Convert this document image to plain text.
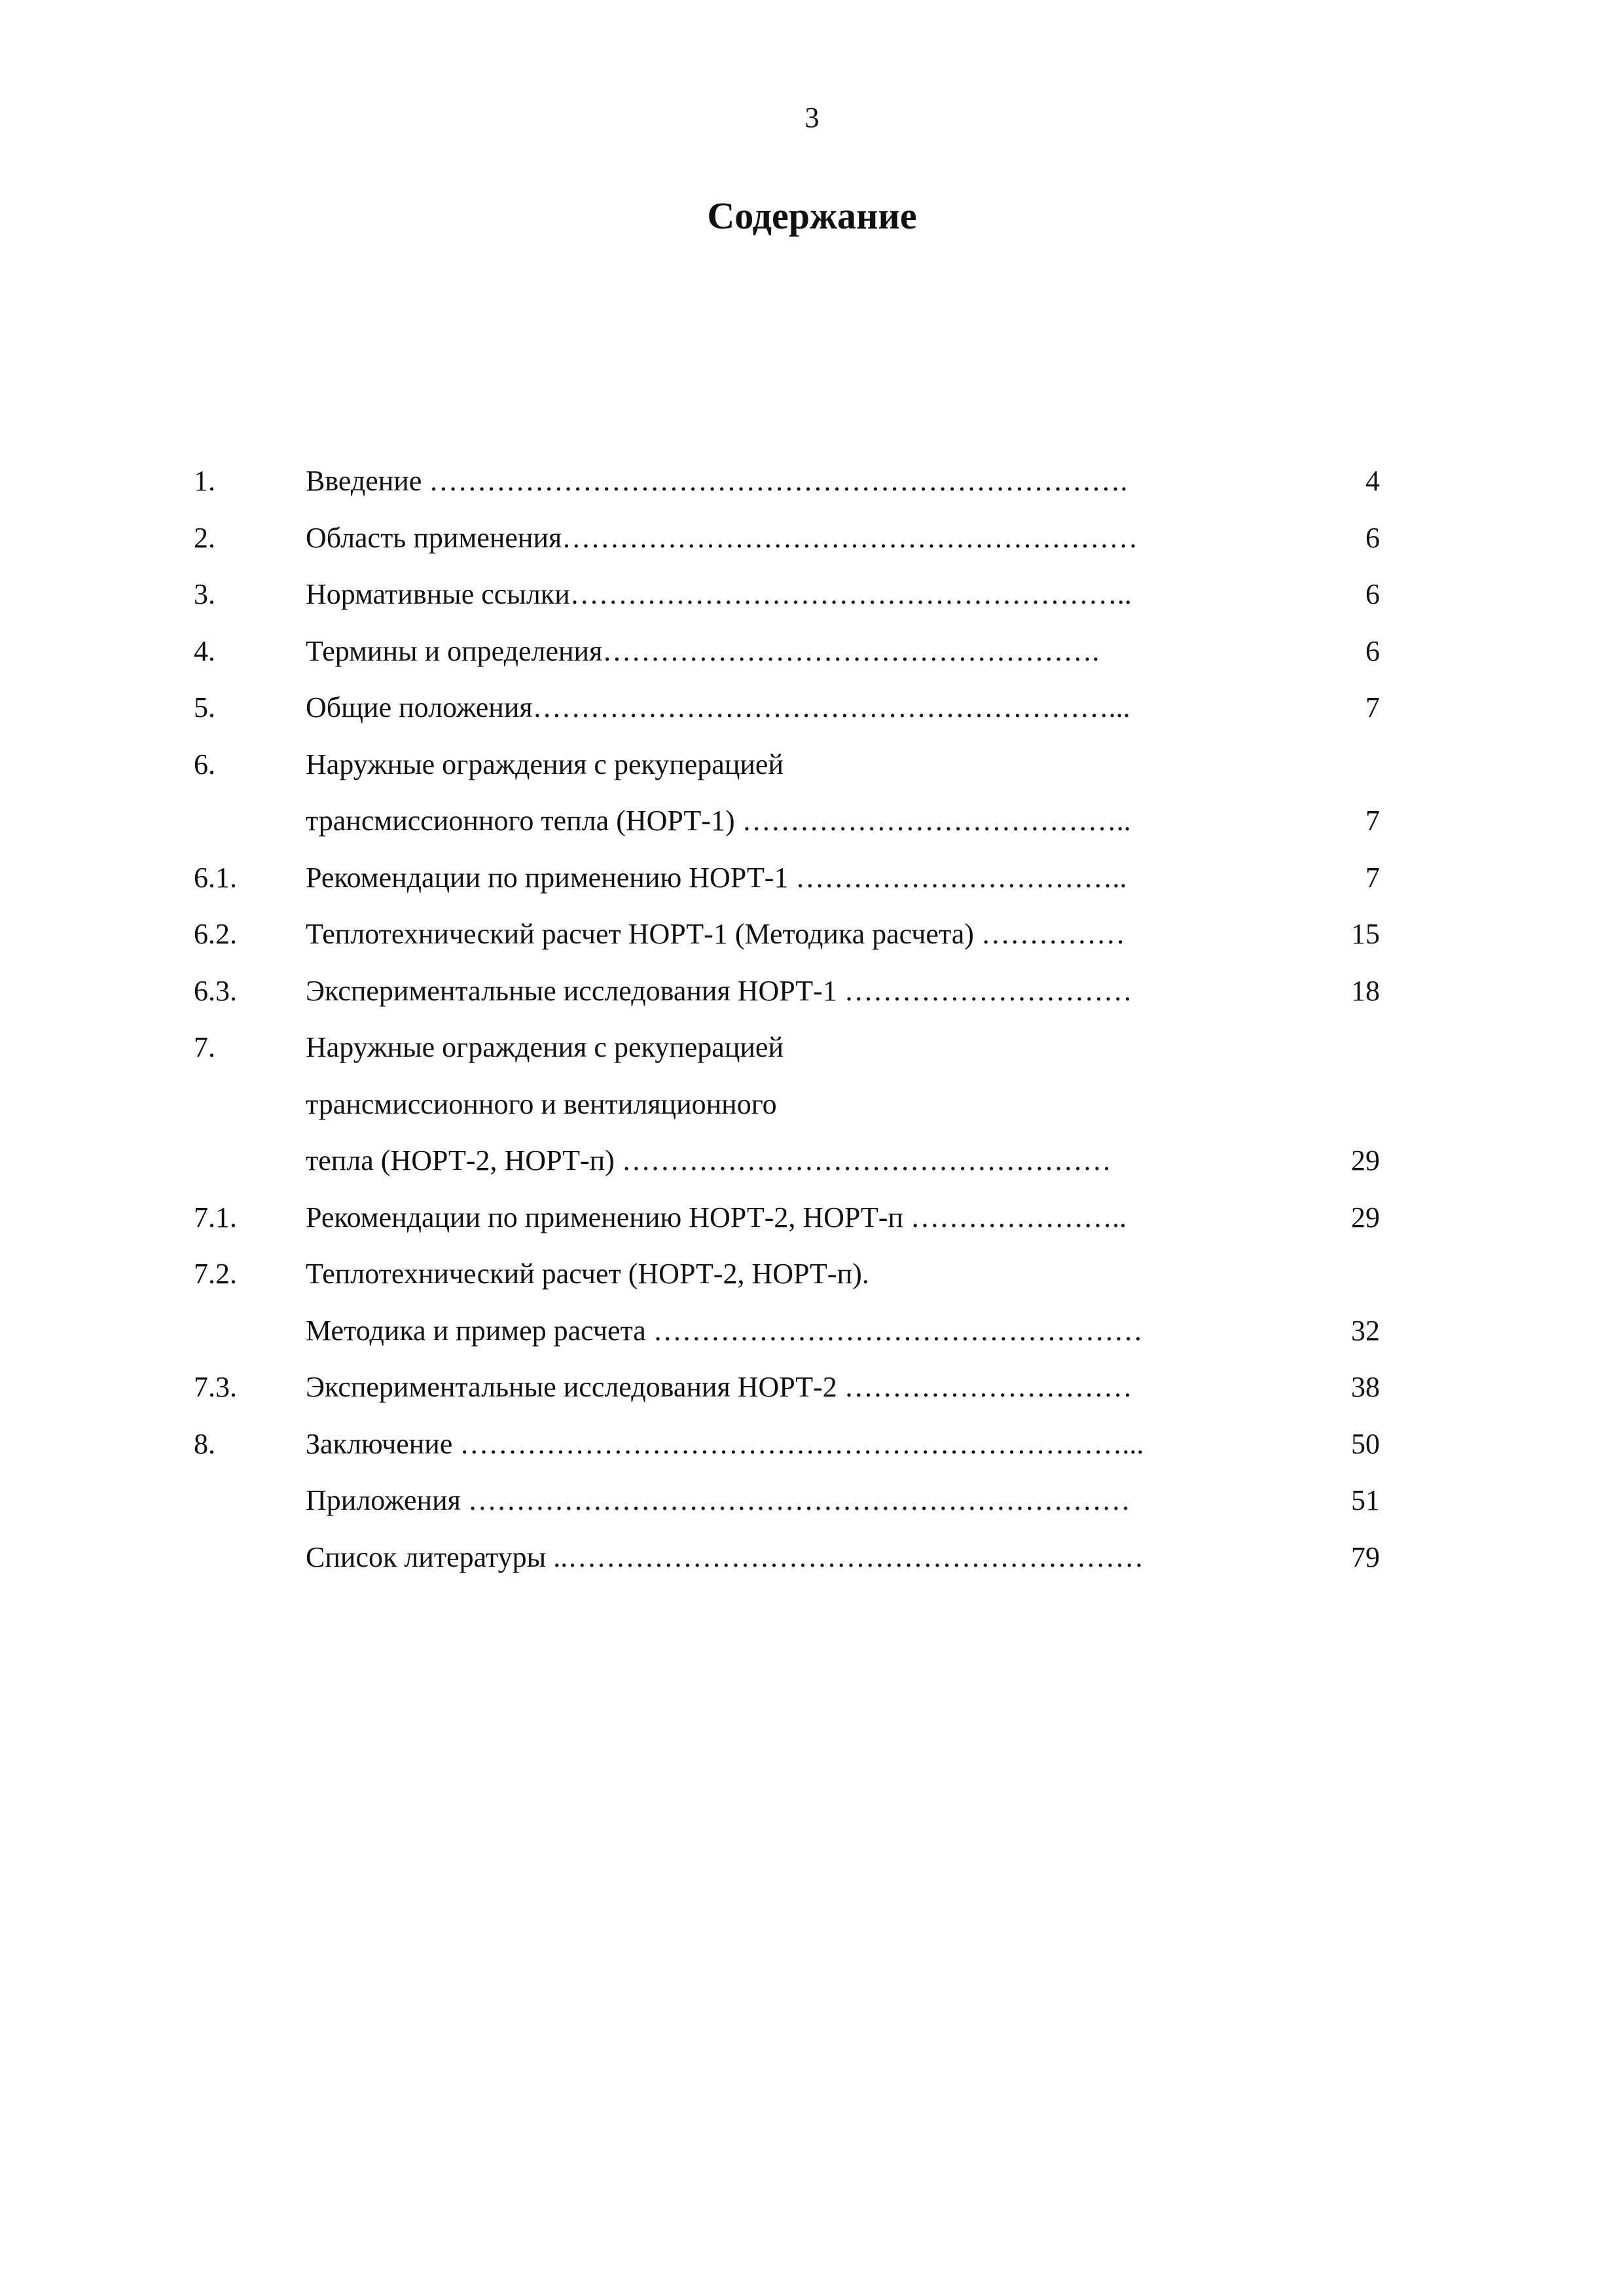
3
Содержание
1.	Введение ……………………………………………………………….	4
2.	Область применения……………………………………………………	6
3.	Нормативные ссылки…………………………………………………..	6
4.	Термины и определения…………………………………………….	6
5.	Общие положения……………………………………………………...	7
6.	Наружные ограждения с рекуперацией
трансмиссионного тепла (НОРТ-1) …………………………………..	7
6.1. Рекомендации по применению НОРТ-1 ……………………………..	7
6.2. Теплотехнический расчет НОРТ-1 (Методика расчета) ……………	15
6.3. Экспериментальные исследования НОРТ-1 …………………………	18
7.	Наружные ограждения с рекуперацией
трансмиссионного и вентиляционного
тепла (НОРТ-2, НОРТ-п) ……………………………………………	29
7.1. Рекомендации по применению НОРТ-2, НОРТ-п …………………..	29
7.2. Теплотехнический расчет (НОРТ-2, НОРТ-п).
Методика и пример расчета ……………………………………………	32
7.3. Экспериментальные исследования НОРТ-2 …………………………	38
8.	Заключение ……………………………………………………………...	50
Приложения ……………………………………………………………	51
Список литературы ..……………………………………………………	79
